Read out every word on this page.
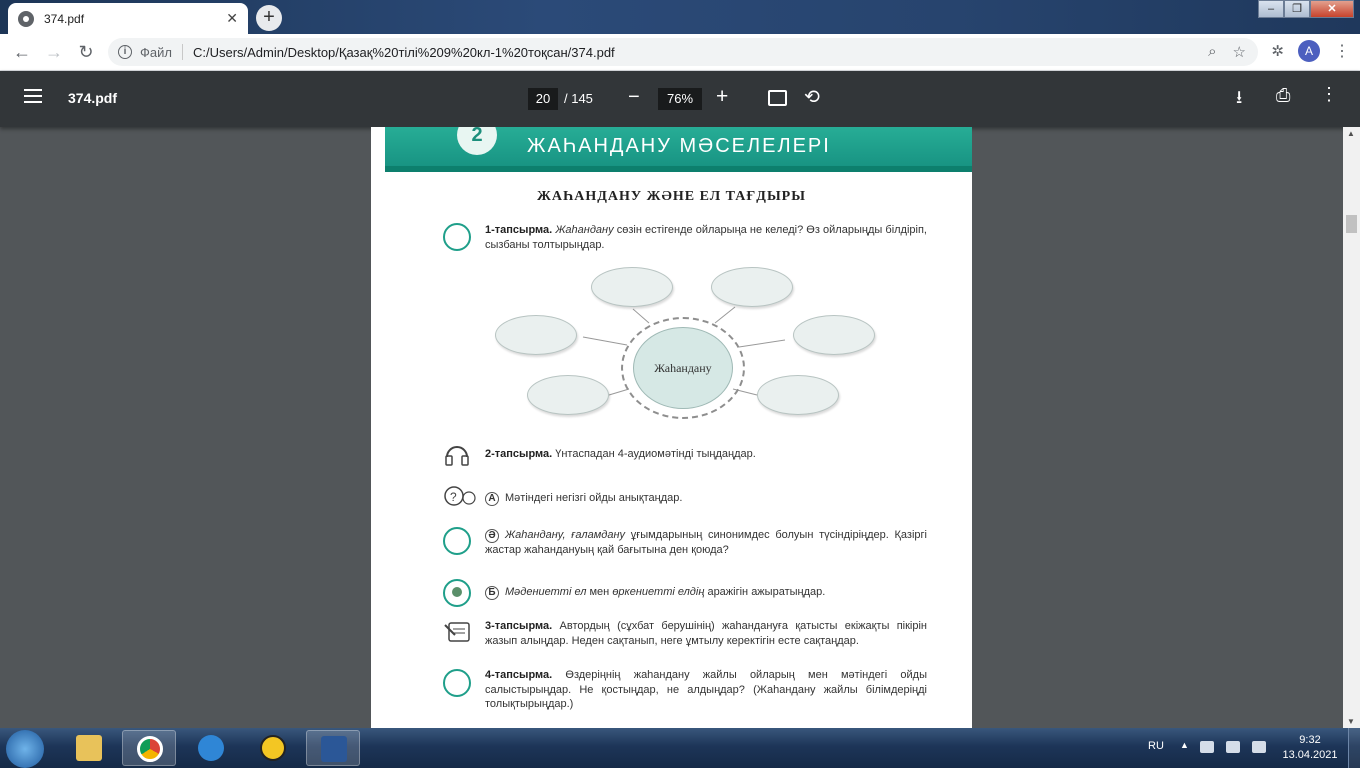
374.pdf	✕	+	–	❐	✕
← → ↻	i	Файл C:/Users/Admin/Desktop/Қазақ%20тілі%209%20кл-1%20тоқсан/374.pdf	⌕ ☆ ✲	A	⋮
374.pdf	20	/ 145 −	76%	+	⟲	⭳ ⎙ ⋮
2	ЖАҺАНДАНУ МӘСЕЛЕЛЕРІ
ЖАҺАНДАНУ ЖӘНЕ ЕЛ ТАҒДЫРЫ
1-тапсырма. Жаһандану сөзін естігенде ойларыңа не келеді? Өз ойларыңды білдіріп, сызбаны толтырыңдар.
Жаһандану
2-тапсырма. Үнтаспадан 4-аудиомәтінді тыңдаңдар.
?	А Мәтіндегі негізгі ойды анықтаңдар.
Ә Жаһандану, ғаламдану ұғымдарының синонимдес болуын түсіндіріңдер. Қазіргі жастар жаһандануың қай бағытына ден қоюда?
Б Мәдениетті ел мен өркениетті елдің аражігін ажыратыңдар.
3-тапсырма. Автордың (сұхбат берушінің) жаһандануға қатысты екіжақты пікірін жазып алыңдар. Неден сақтанып, неге ұмтылу керектігін есте сақтаңдар.
4-тапсырма. Өздеріңнің жаһандану жайлы ойларың мен мәтіндегі ойды салыстырыңдар. Не қостыңдар, не алдыңдар? (Жаһандану жайлы білімдеріңді толықтырыңдар.)
▲
▼
RU ▲	9:32
13.04.2021
